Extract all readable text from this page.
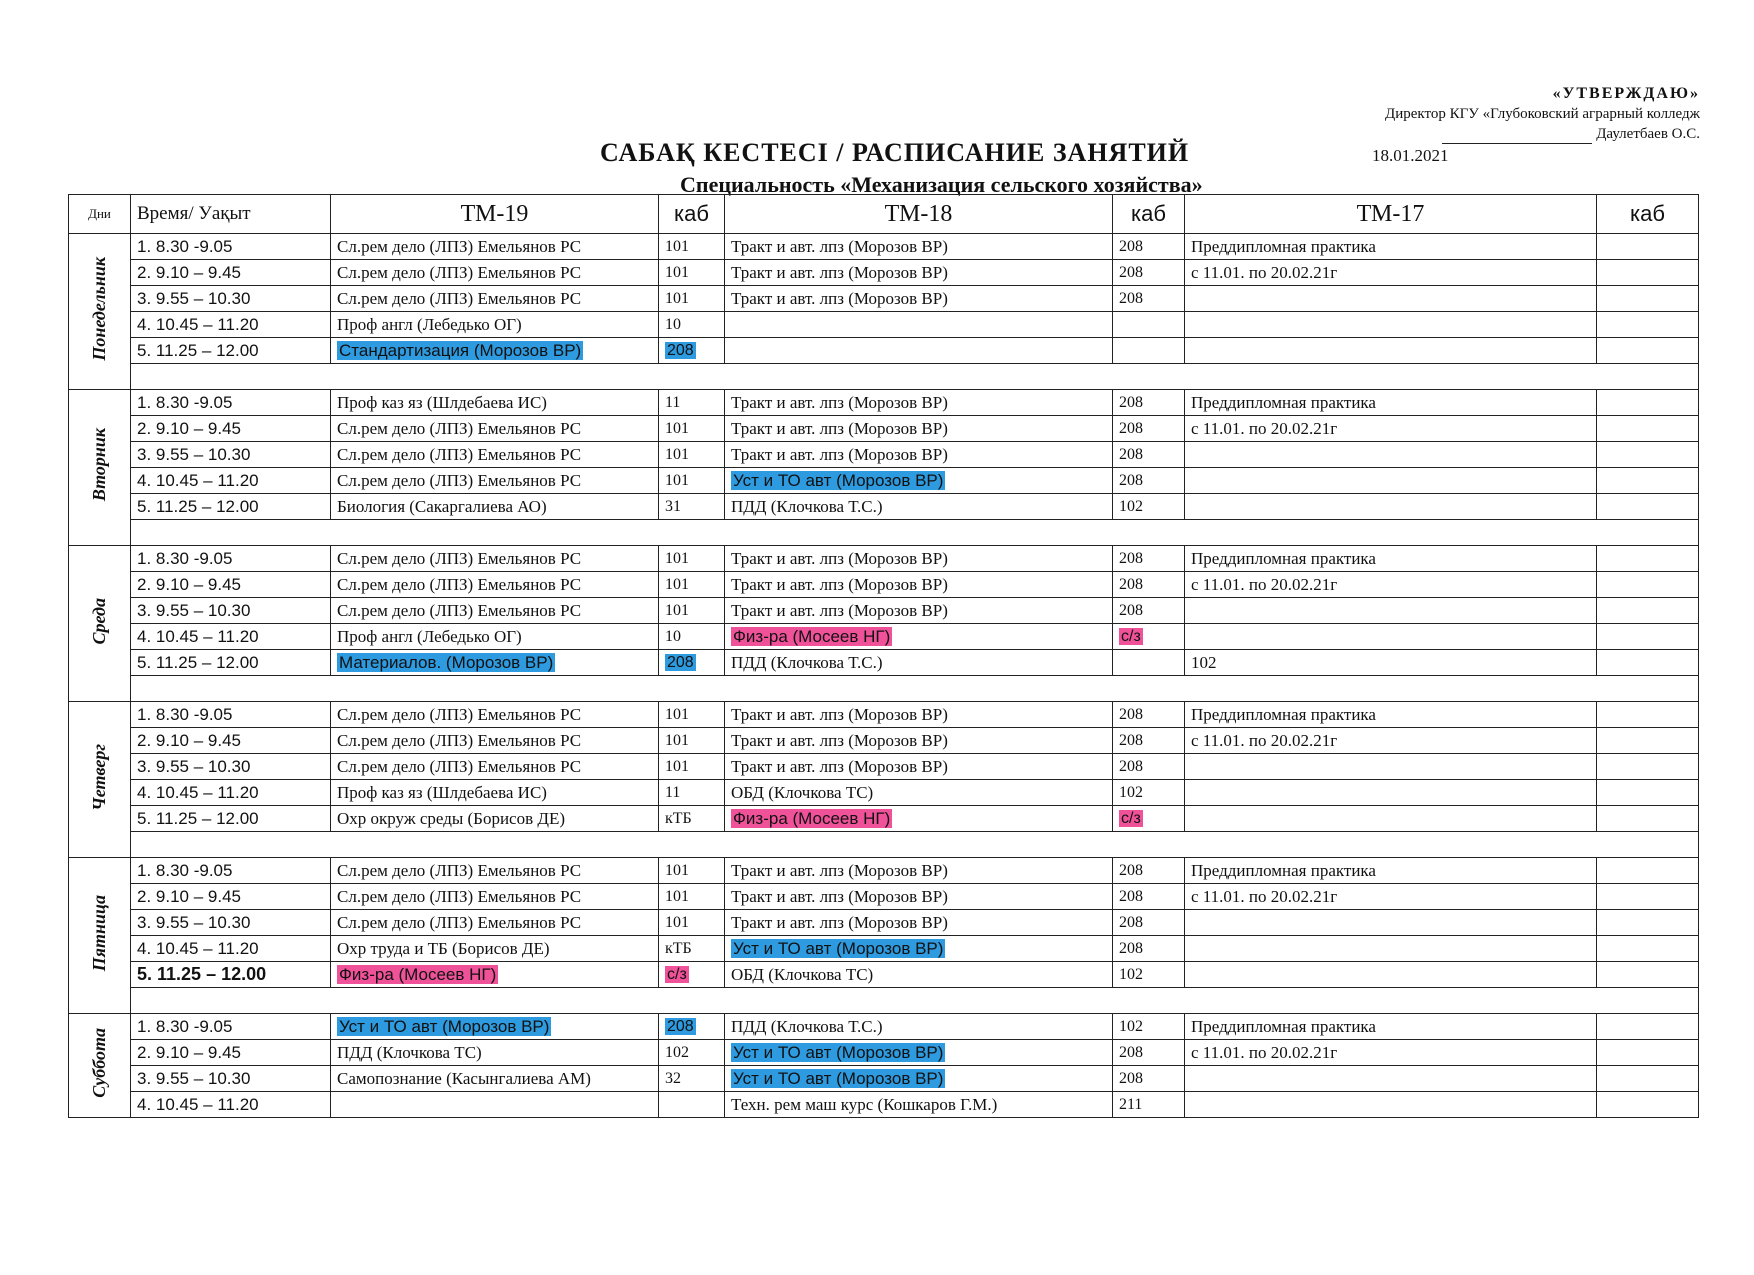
«УТВЕРЖДАЮ»
Директор КГУ «Глубоковский аграрный колледж
Даулетбаев О.С.
18.01.2021
САБАҚ КЕСТЕСІ / РАСПИСАНИЕ ЗАНЯТИЙ
Специальность «Механизация сельского хозяйства»
Дни	Время/ Уақыт	ТМ-19	каб	ТМ-18	каб	ТМ-17	каб
Понедельник	1. 8.30 -9.05	Сл.рем дело (ЛПЗ) Емельянов РС	101	Тракт и авт. лпз (Морозов ВР)	208	Преддипломная практика	
	2. 9.10 – 9.45	Сл.рем дело (ЛПЗ) Емельянов РС	101	Тракт и авт. лпз (Морозов ВР)	208	с 11.01. по 20.02.21г	
	3. 9.55 – 10.30	Сл.рем дело (ЛПЗ) Емельянов РС	101	Тракт и авт. лпз (Морозов ВР)	208		
	4. 10.45 – 11.20	Проф англ (Лебедько ОГ)	10				
	5. 11.25 – 12.00	Стандартизация (Морозов ВР)	208				

Вторник	1. 8.30 -9.05	Проф каз яз (Шлдебаева ИС)	11	Тракт и авт. лпз (Морозов ВР)	208	Преддипломная практика	
	2. 9.10 – 9.45	Сл.рем дело (ЛПЗ) Емельянов РС	101	Тракт и авт. лпз (Морозов ВР)	208	с 11.01. по 20.02.21г	
	3. 9.55 – 10.30	Сл.рем дело (ЛПЗ) Емельянов РС	101	Тракт и авт. лпз (Морозов ВР)	208		
	4. 10.45 – 11.20	Сл.рем дело (ЛПЗ) Емельянов РС	101	Уст и ТО авт (Морозов ВР)	208		
	5. 11.25 – 12.00	Биология (Сакаргалиева АО)	31	ПДД (Клочкова Т.С.)	102		

Среда	1. 8.30 -9.05	Сл.рем дело (ЛПЗ) Емельянов РС	101	Тракт и авт. лпз (Морозов ВР)	208	Преддипломная практика	
	2. 9.10 – 9.45	Сл.рем дело (ЛПЗ) Емельянов РС	101	Тракт и авт. лпз (Морозов ВР)	208	с 11.01. по 20.02.21г	
	3. 9.55 – 10.30	Сл.рем дело (ЛПЗ) Емельянов РС	101	Тракт и авт. лпз (Морозов ВР)	208		
	4. 10.45 – 11.20	Проф англ (Лебедько ОГ)	10	Физ-ра (Мосеев НГ)	с/з		
	5. 11.25 – 12.00	Материалов. (Морозов ВР)	208	ПДД (Клочкова Т.С.)		102	

Четверг	1. 8.30 -9.05	Сл.рем дело (ЛПЗ) Емельянов РС	101	Тракт и авт. лпз (Морозов ВР)	208	Преддипломная практика	
	2. 9.10 – 9.45	Сл.рем дело (ЛПЗ) Емельянов РС	101	Тракт и авт. лпз (Морозов ВР)	208	с 11.01. по 20.02.21г	
	3. 9.55 – 10.30	Сл.рем дело (ЛПЗ) Емельянов РС	101	Тракт и авт. лпз (Морозов ВР)	208		
	4. 10.45 – 11.20	Проф каз яз (Шлдебаева ИС)	11	ОБД (Клочкова ТС)	102		
	5. 11.25 – 12.00	Охр окруж среды (Борисов ДЕ)	кТБ	Физ-ра (Мосеев НГ)	с/з		

Пятница	1. 8.30 -9.05	Сл.рем дело (ЛПЗ) Емельянов РС	101	Тракт и авт. лпз (Морозов ВР)	208	Преддипломная практика	
	2. 9.10 – 9.45	Сл.рем дело (ЛПЗ) Емельянов РС	101	Тракт и авт. лпз (Морозов ВР)	208	с 11.01. по 20.02.21г	
	3. 9.55 – 10.30	Сл.рем дело (ЛПЗ) Емельянов РС	101	Тракт и авт. лпз (Морозов ВР)	208		
	4. 10.45 – 11.20	Охр труда и ТБ (Борисов ДЕ)	кТБ	Уст и ТО авт (Морозов ВР)	208		
	5. 11.25 – 12.00	Физ-ра (Мосеев НГ)	с/з	ОБД (Клочкова ТС)	102		

Суббота	1. 8.30 -9.05	Уст и ТО авт (Морозов ВР)	208	ПДД (Клочкова Т.С.)	102	Преддипломная практика	
	2. 9.10 – 9.45	ПДД (Клочкова ТС)	102	Уст и ТО авт (Морозов ВР)	208	с 11.01. по 20.02.21г	
	3. 9.55 – 10.30	Самопознание (Касынгалиева АМ)	32	Уст и ТО авт (Морозов ВР)	208		
	4. 10.45 – 11.20			Техн. рем маш курс (Кошкаров Г.М.)	211		
